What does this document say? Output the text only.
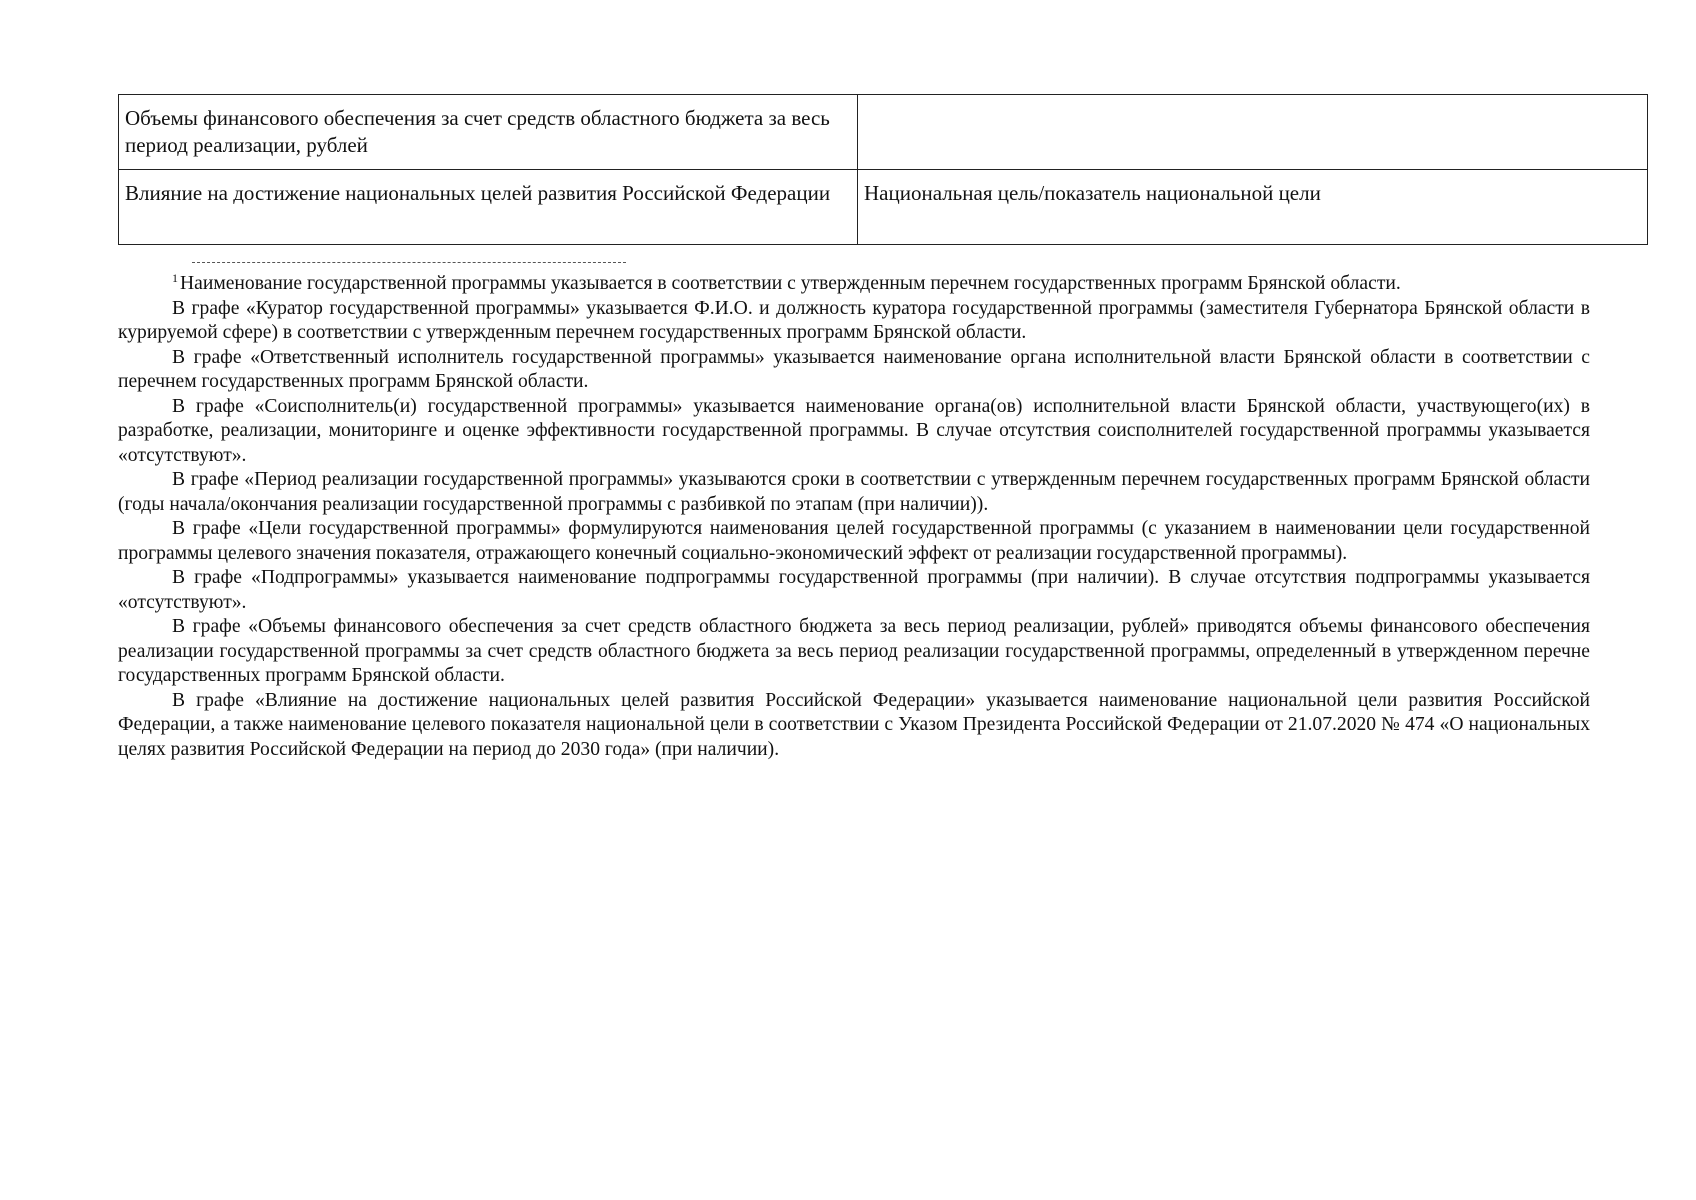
Объемы финансового обеспечения за счет средств областного бюджета за весь период реализации, рублей	
Влияние на достижение национальных целей развития Российской Федерации	Национальная цель/показатель национальной цели

$^1$ Наименование государственной программы указывается в соответствии с утвержденным перечнем государственных программ Брянской области.

В графе «Куратор государственной программы» указывается Ф.И.О. и должность куратора государственной программы (заместителя Губернатора Брянской области в курируемой сфере) в соответствии с утвержденным перечнем государственных программ Брянской области.

В графе «Ответственный исполнитель государственной программы» указывается наименование органа исполнительной власти Брянской области в соответствии с перечнем государственных программ Брянской области.

В графе «Соисполнитель(и) государственной программы» указывается наименование органа(ов) исполнительной власти Брянской области, участвующего(их) в разработке, реализации, мониторинге и оценке эффективности государственной программы. В случае отсутствия соисполнителей государственной программы указывается «отсутствуют».

В графе «Период реализации государственной программы» указываются сроки в соответствии с утвержденным перечнем государственных программ Брянской области (годы начала/окончания реализации государственной программы с разбивкой по этапам (при наличии)).

В графе «Цели государственной программы» формулируются наименования целей государственной программы (с указанием в наименовании цели государственной программы целевого значения показателя, отражающего конечный социально-экономический эффект от реализации государственной программы).

В графе «Подпрограммы» указывается наименование подпрограммы государственной программы (при наличии). В случае отсутствия подпрограммы указывается «отсутствуют».

В графе «Объемы финансового обеспечения за счет средств областного бюджета за весь период реализации, рублей» приводятся объемы финансового обеспечения реализации государственной программы за счет средств областного бюджета за весь период реализации государственной программы, определенный в утвержденном перечне государственных программ Брянской области.

В графе «Влияние на достижение национальных целей развития Российской Федерации» указывается наименование национальной цели развития Российской Федерации, а также наименование целевого показателя национальной цели в соответствии с Указом Президента Российской Федерации от 21.07.2020 № 474 «О национальных целях развития Российской Федерации на период до 2030 года» (при наличии).
